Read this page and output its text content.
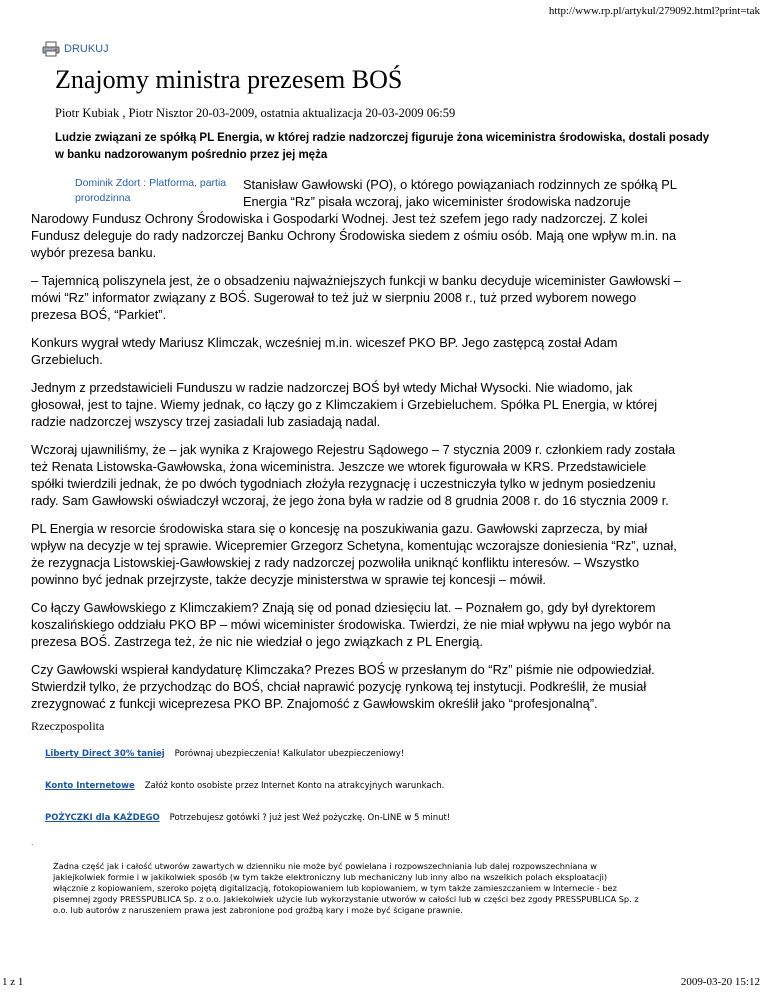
http://www.rp.pl/artykul/279092.html?print=tak
DRUKUJ
Znajomy ministra prezesem BOŚ
Piotr Kubiak , Piotr Nisztor 20-03-2009, ostatnia aktualizacja 20-03-2009 06:59
Ludzie związani ze spółką PL Energia, w której radzie nadzorczej figuruje żona wiceministra środowiska, dostali posady w banku nadzorowanym pośrednio przez jej męża
Dominik Zdort : Platforma, partia prorodzinna

Stanisław Gawłowski (PO), o którego powiązaniach rodzinnych ze spółką PL Energia “Rz” pisała wczoraj, jako wiceminister środowiska nadzoruje Narodowy Fundusz Ochrony Środowiska i Gospodarki Wodnej. Jest też szefem jego rady nadzorczej. Z kolei Fundusz deleguje do rady nadzorczej Banku Ochrony Środowiska siedem z ośmiu osób. Mają one wpływ m.in. na wybór prezesa banku.

– Tajemnicą poliszynela jest, że o obsadzeniu najważniejszych funkcji w banku decyduje wiceminister Gawłowski – mówi “Rz” informator związany z BOŚ. Sugerował to też już w sierpniu 2008 r., tuż przed wyborem nowego prezesa BOŚ, “Parkiet”.

Konkurs wygrał wtedy Mariusz Klimczak, wcześniej m.in. wiceszef PKO BP. Jego zastępcą został Adam Grzebieluch.

Jednym z przedstawicieli Funduszu w radzie nadzorczej BOŚ był wtedy Michał Wysocki. Nie wiadomo, jak głosował, jest to tajne. Wiemy jednak, co łączy go z Klimczakiem i Grzebieluchem. Spółka PL Energia, w której radzie nadzorczej wszyscy trzej zasiadali lub zasiadają nadal.

Wczoraj ujawniliśmy, że – jak wynika z Krajowego Rejestru Sądowego – 7 stycznia 2009 r. członkiem rady została też Renata Listowska-Gawłowska, żona wiceministra. Jeszcze we wtorek figurowała w KRS. Przedstawiciele spółki twierdzili jednak, że po dwóch tygodniach złożyła rezygnację i uczestniczyła tylko w jednym posiedzeniu rady. Sam Gawłowski oświadczył wczoraj, że jego żona była w radzie od 8 grudnia 2008 r. do 16 stycznia 2009 r.

PL Energia w resorcie środowiska stara się o koncesję na poszukiwania gazu. Gawłowski zaprzecza, by miał wpływ na decyzje w tej sprawie. Wicepremier Grzegorz Schetyna, komentując wczorajsze doniesienia “Rz”, uznał, że rezygnacja Listowskiej-Gawłowskiej z rady nadzorczej pozwoliła uniknąć konfliktu interesów. – Wszystko powinno być jednak przejrzyste, także decyzje ministerstwa w sprawie tej koncesji – mówił.

Co łączy Gawłowskiego z Klimczakiem? Znają się od ponad dziesięciu lat. – Poznałem go, gdy był dyrektorem koszalińskiego oddziału PKO BP – mówi wiceminister środowiska. Twierdzi, że nie miał wpływu na jego wybór na prezesa BOŚ. Zastrzega też, że nic nie wiedział o jego związkach z PL Energią.

Czy Gawłowski wspierał kandydaturę Klimczaka? Prezes BOŚ w przesłanym do “Rz” piśmie nie odpowiedział. Stwierdził tylko, że przychodząc do BOŚ, chciał naprawić pozycję rynkową tej instytucji. Podkreślił, że musiał zrezygnować z funkcji wiceprezesa PKO BP. Znajomość z Gawłowskim określił jako “profesjonalną”.

Rzeczpospolita
Liberty Direct 30% taniej Porównaj ubezpieczenia! Kalkulator ubezpieczeniowy!
Konto Internetowe Załóż konto osobiste przez Internet Konto na atrakcyjnych warunkach.
POŻYCZKI dla KAŻDEGO Potrzebujesz gotówki ? już jest Weź pożyczkę. On-LINE w 5 minut!
.
Żadna część jak i całość utworów zawartych w dzienniku nie może być powielana i rozpowszechniania lub dalej rozpowszechniana w jakiejkolwiek formie i w jakikolwiek sposób (w tym także elektroniczny lub mechaniczny lub inny albo na wszelkich polach eksploatacji) włącznie z kopiowaniem, szeroko pojętą digitalizacją, fotokopiowaniem lub kopiowaniem, w tym także zamieszczaniem w Internecie - bez pisemnej zgody PRESSPUBLICA Sp. z o.o. Jakiekolwiek użycie lub wykorzystanie utworów w całości lub w części bez zgody PRESSPUBLICA Sp. z o.o. lub autorów z naruszeniem prawa jest zabronione pod groźbą kary i może być ścigane prawnie.
1 z 1	2009-03-20 15:12
